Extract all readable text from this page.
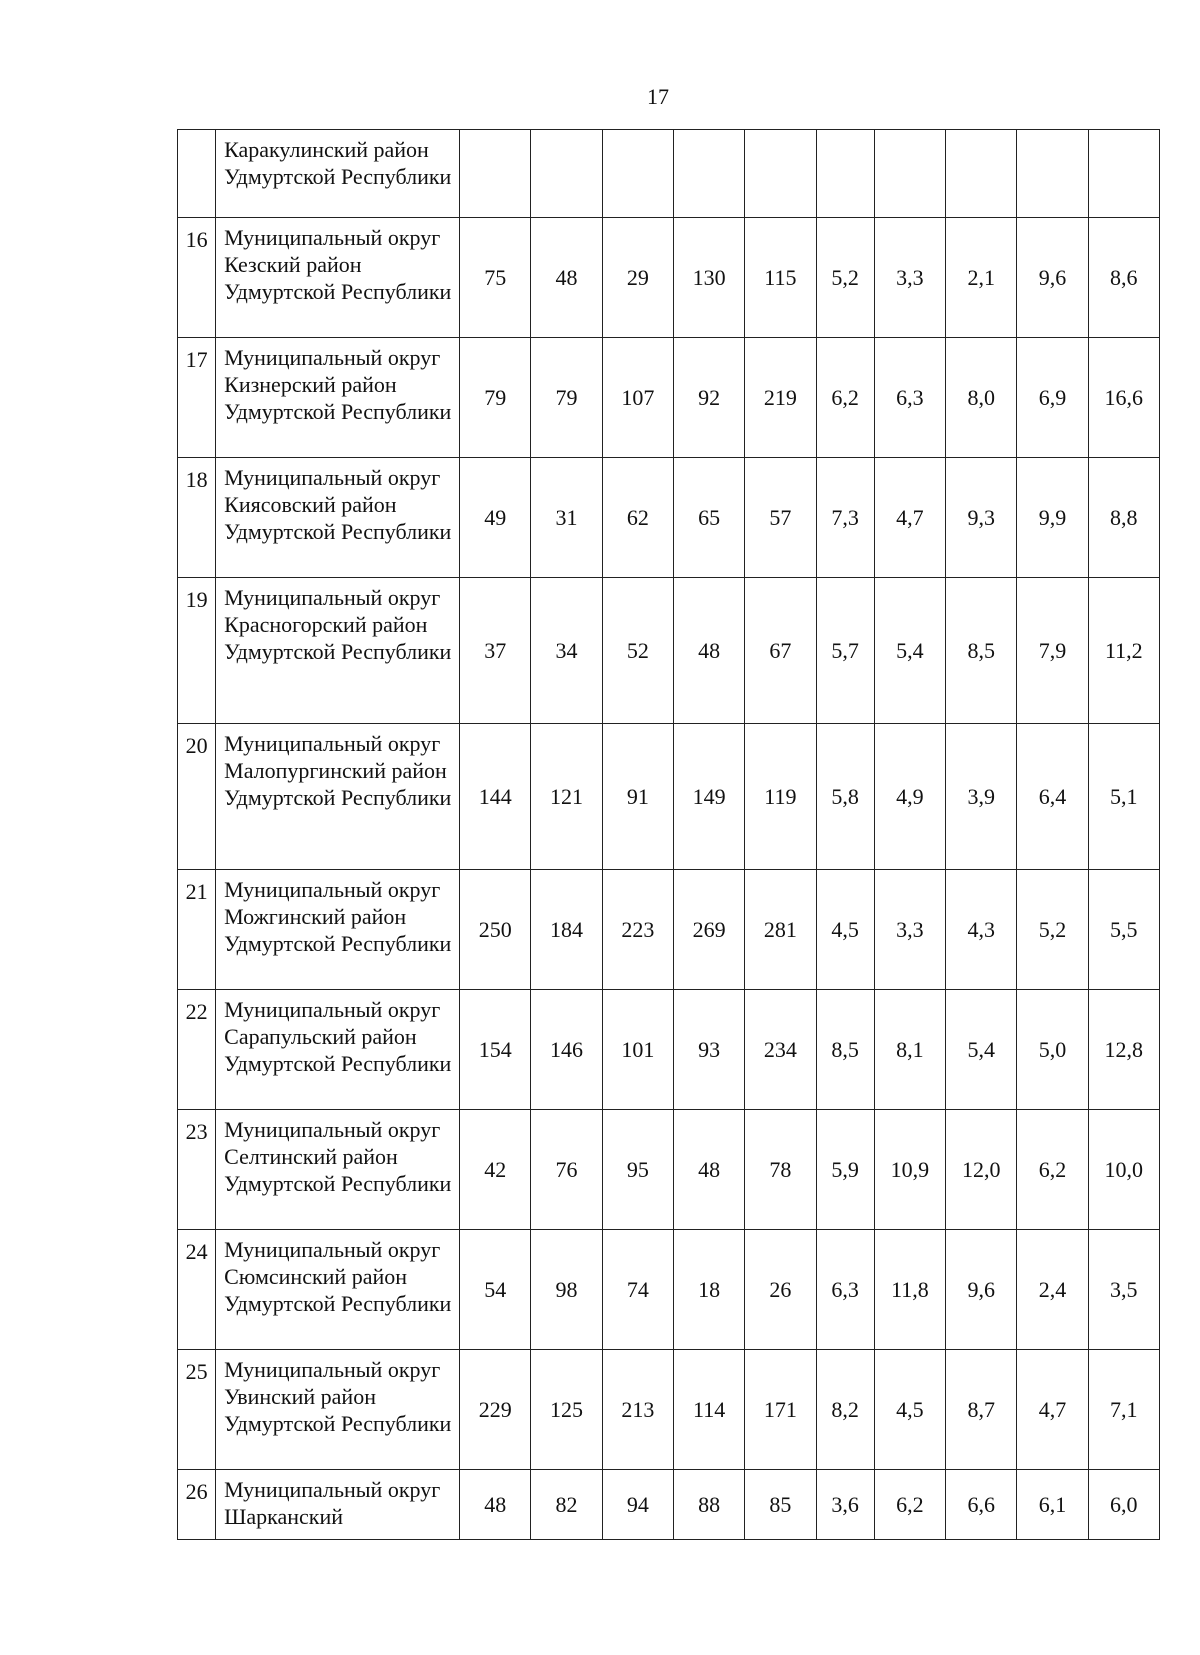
17
	Каракулинский район Удмуртской Республики										
16	Муниципальный округ Кезский район Удмуртской Республики	75	48	29	130	115	5,2	3,3	2,1	9,6	8,6
17	Муниципальный округ Кизнерский район Удмуртской Республики	79	79	107	92	219	6,2	6,3	8,0	6,9	16,6
18	Муниципальный округ Киясовский район Удмуртской Республики	49	31	62	65	57	7,3	4,7	9,3	9,9	8,8
19	Муниципальный округ Красногорский район Удмуртской Республики	37	34	52	48	67	5,7	5,4	8,5	7,9	11,2
20	Муниципальный округ Малопургинский район Удмуртской Республики	144	121	91	149	119	5,8	4,9	3,9	6,4	5,1
21	Муниципальный округ Можгинский район Удмуртской Республики	250	184	223	269	281	4,5	3,3	4,3	5,2	5,5
22	Муниципальный округ Сарапульский район Удмуртской Республики	154	146	101	93	234	8,5	8,1	5,4	5,0	12,8
23	Муниципальный округ Селтинский район Удмуртской Республики	42	76	95	48	78	5,9	10,9	12,0	6,2	10,0
24	Муниципальный округ Сюмсинский район Удмуртской Республики	54	98	74	18	26	6,3	11,8	9,6	2,4	3,5
25	Муниципальный округ Увинский район Удмуртской Республики	229	125	213	114	171	8,2	4,5	8,7	4,7	7,1
26	Муниципальный округ Шарканский	48	82	94	88	85	3,6	6,2	6,6	6,1	6,0
